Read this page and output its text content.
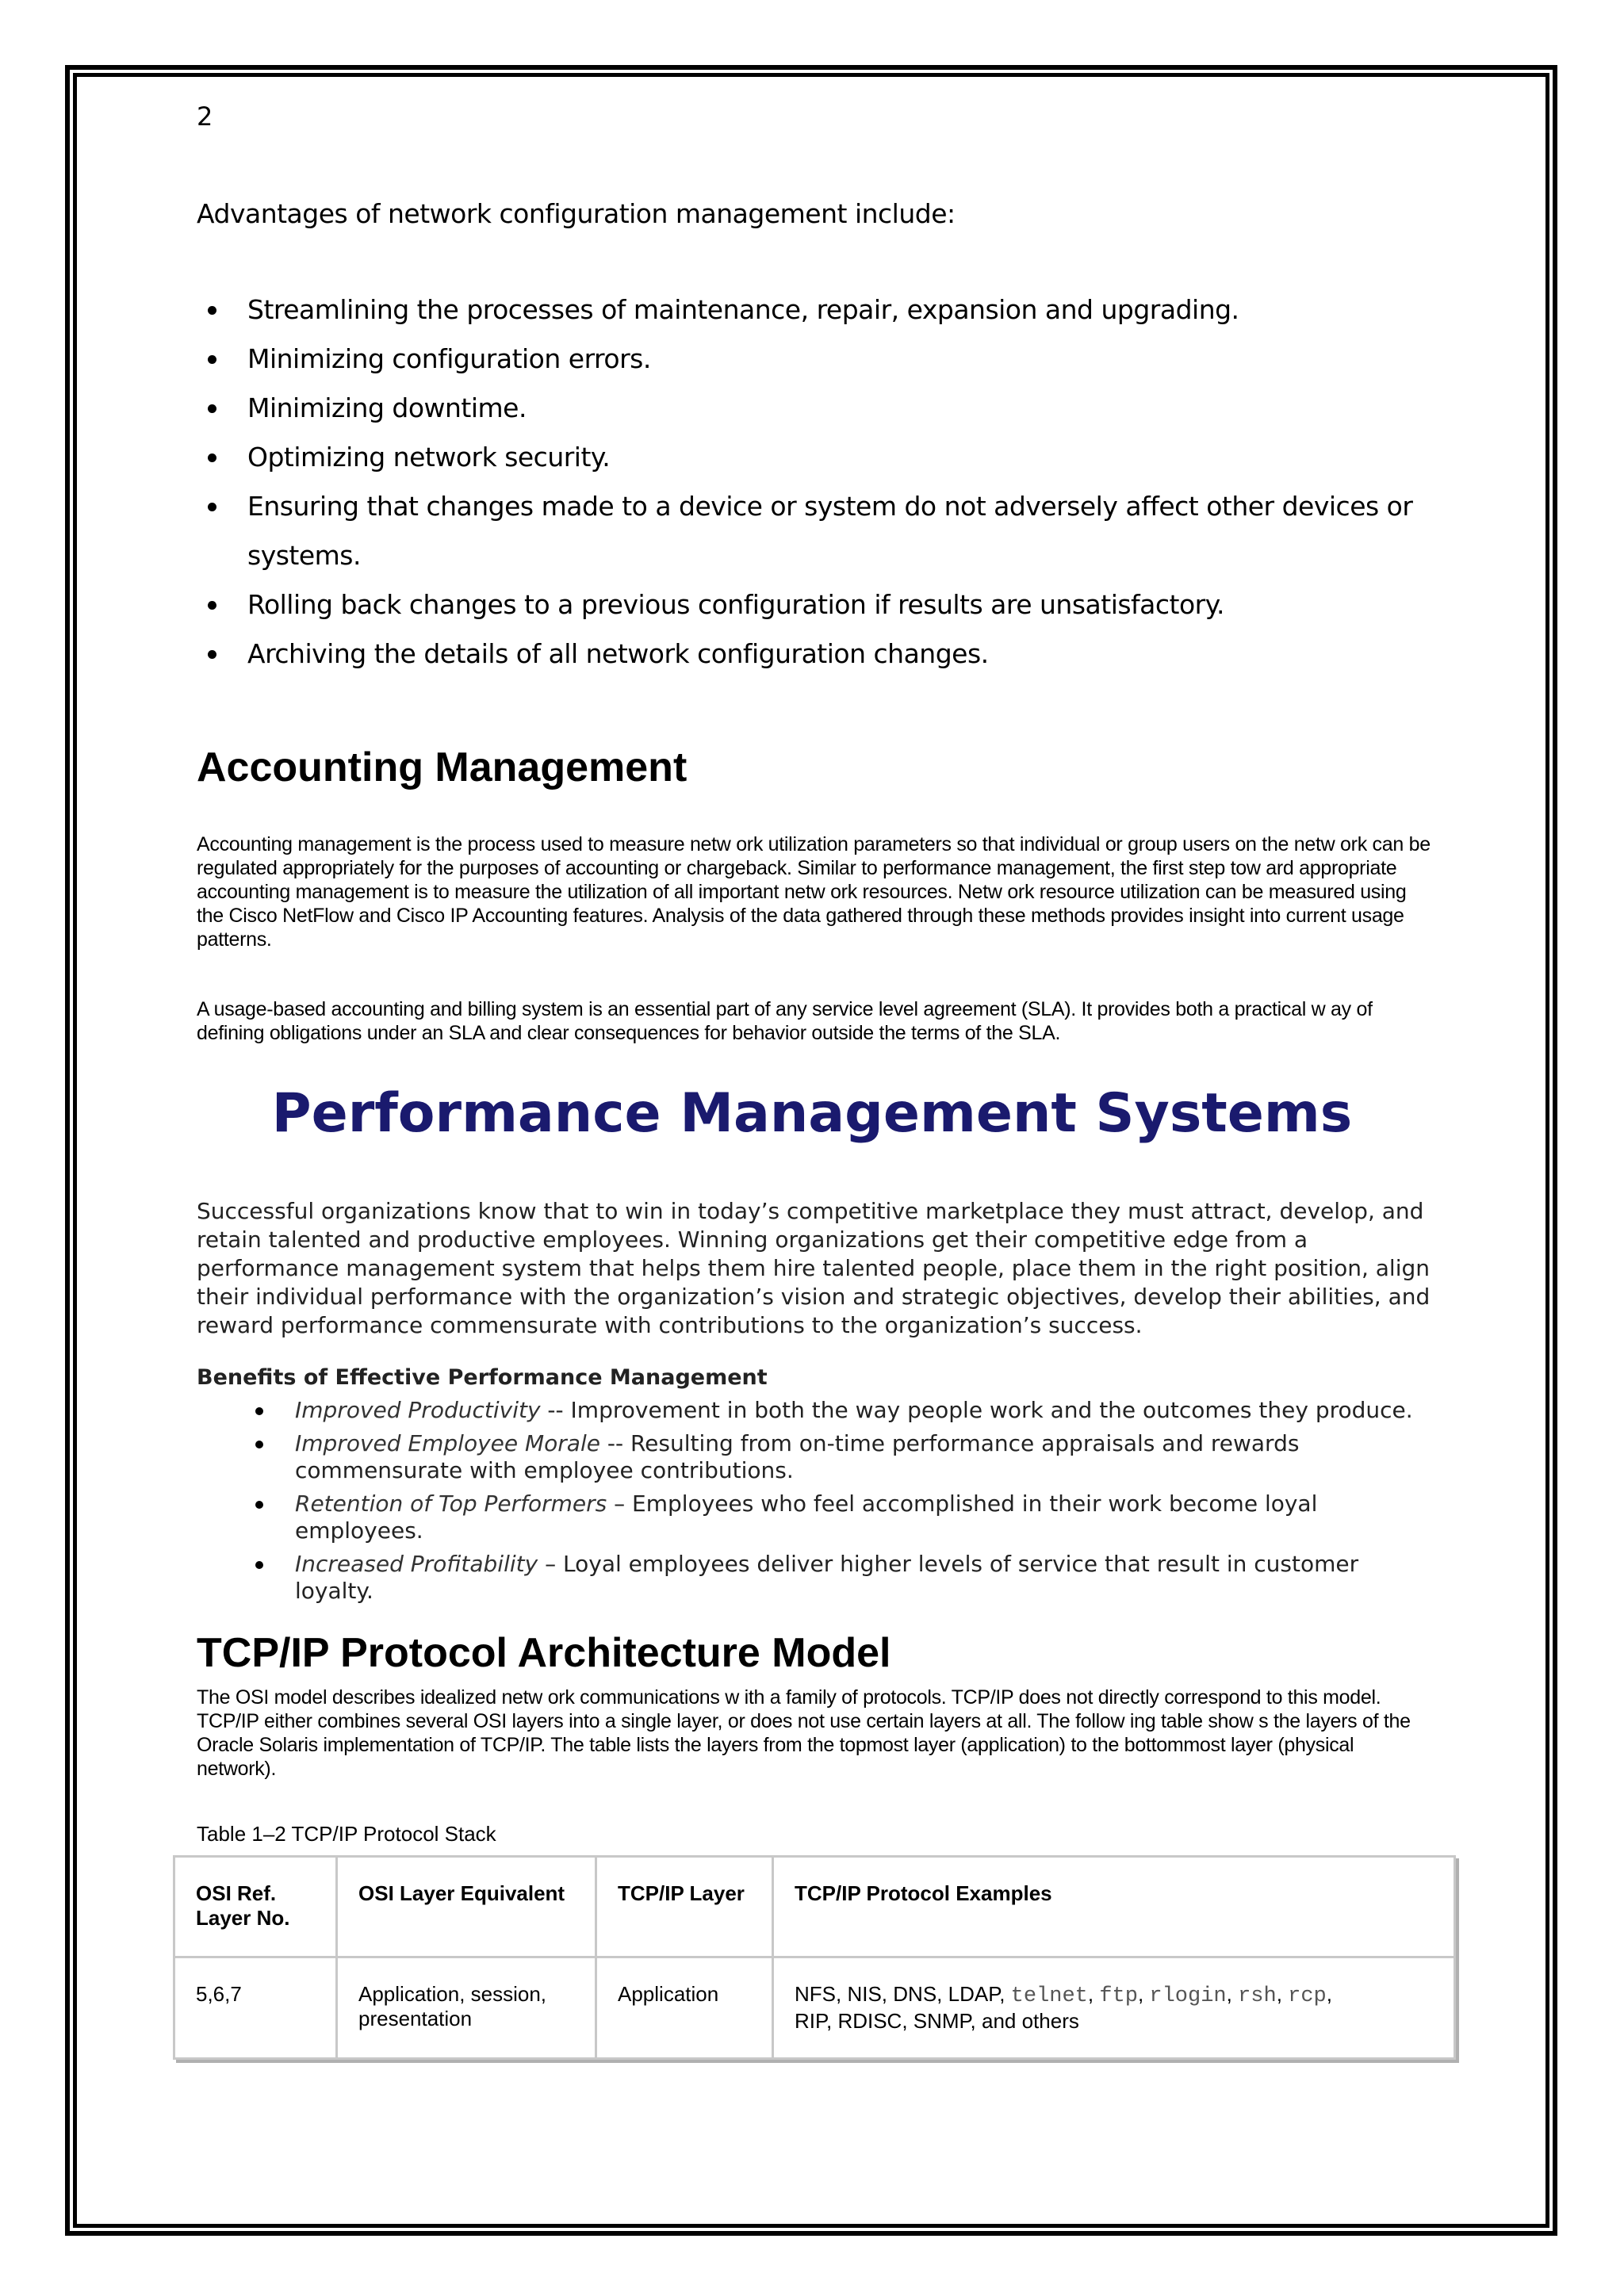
2
Advantages of network configuration management include:
Streamlining the processes of maintenance, repair, expansion and upgrading.
Minimizing configuration errors.
Minimizing downtime.
Optimizing network security.
Ensuring that changes made to a device or system do not adversely affect other devices or systems.
Rolling back changes to a previous configuration if results are unsatisfactory.
Archiving the details of all network configuration changes.
Accounting Management

Accounting management is the process used to measure netw ork utilization parameters so that individual or group users on the netw ork can be regulated appropriately for the purposes of accounting or chargeback. Similar to performance management, the first step tow ard appropriate accounting management is to measure the utilization of all important netw ork resources. Netw ork resource utilization can be measured using the Cisco NetFlow and Cisco IP Accounting features. Analysis of the data gathered through these methods provides insight into current usage patterns.

A usage-based accounting and billing system is an essential part of any service level agreement (SLA). It provides both a practical w ay of defining obligations under an SLA and clear consequences for behavior outside the terms of the SLA.

Performance Management Systems

Successful organizations know that to win in today’s competitive marketplace they must attract, develop, and retain talented and productive employees. Winning organizations get their competitive edge from a performance management system that helps them hire talented people, place them in the right position, align their individual performance with the organization’s vision and strategic objectives, develop their abilities, and reward performance commensurate with contributions to the organization’s success.

Benefits of Effective Performance Management
Improved Productivity -- Improvement in both the way people work and the outcomes they produce.
Improved Employee Morale -- Resulting from on-time performance appraisals and rewards commensurate with employee contributions.
Retention of Top Performers – Employees who feel accomplished in their work become loyal employees.
Increased Profitability – Loyal employees deliver higher levels of service that result in customer loyalty.
TCP/IP Protocol Architecture Model

The OSI model describes idealized netw ork communications w ith a family of protocols. TCP/IP does not directly correspond to this model. TCP/IP either combines several OSI layers into a single layer, or does not use certain layers at all. The follow ing table show s the layers of the Oracle Solaris implementation of TCP/IP. The table lists the layers from the topmost layer (application) to the bottommost layer (physical network).

Table 1–2 TCP/IP Protocol Stack
OSI Ref. Layer No.	OSI Layer Equivalent	TCP/IP Layer	TCP/IP Protocol Examples
5,6,7	Application, session, presentation	Application	NFS, NIS, DNS, LDAP, telnet, ftp, rlogin, rsh, rcp,
RIP, RDISC, SNMP, and others
